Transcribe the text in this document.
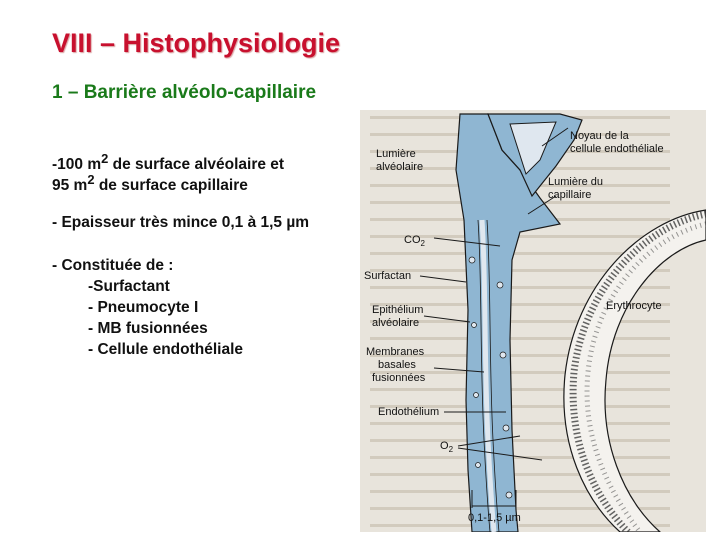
VIII – Histophysiologie
1 – Barrière alvéolo-capillaire
-100 $m^2$ de surface alvéolaire et
95 $m^2$ de surface capillaire
- Epaisseur très mince 0,1 à 1,5 µm
- Constituée de :
-Surfactant
- Pneumocyte I
- MB fusionnées
- Cellule endothéliale
Lumière
alvéolaire
Noyau de la
cellule endothéliale
Lumière du
capillaire
$CO_2$
Surfactan
Epithélium
alvéolaire
Erythrocyte
Membranes
basales
fusionnées
Endothélium
$O_2$
0,1-1,5 µm
